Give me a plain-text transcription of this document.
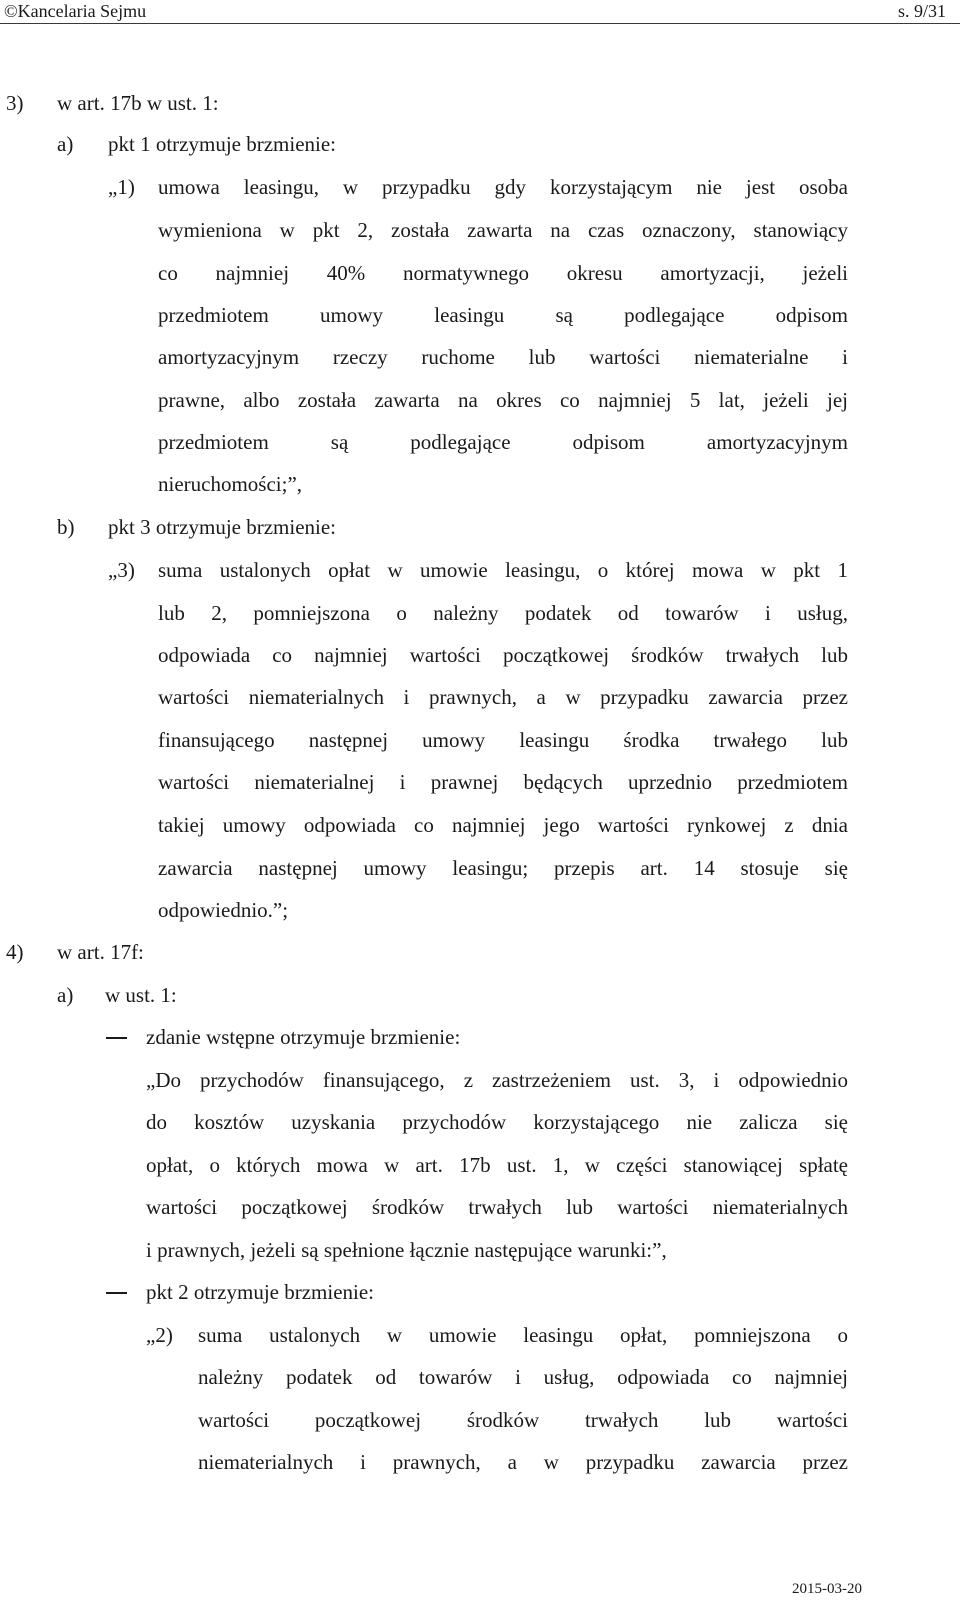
©Kancelaria Sejmu	s. 9/31
3) w art. 17b w ust. 1:
a) pkt 1 otrzymuje brzmienie:
„1) umowa leasingu, w przypadku gdy korzystającym nie jest osoba
wymieniona w pkt 2, została zawarta na czas oznaczony, stanowiący
co najmniej 40% normatywnego okresu amortyzacji, jeżeli
przedmiotem umowy leasingu są podlegające odpisom
amortyzacyjnym rzeczy ruchome lub wartości niematerialne i
prawne, albo została zawarta na okres co najmniej 5 lat, jeżeli jej
przedmiotem są podlegające odpisom amortyzacyjnym
nieruchomości;”,
b) pkt 3 otrzymuje brzmienie:
„3) suma ustalonych opłat w umowie leasingu, o której mowa w pkt 1
lub 2, pomniejszona o należny podatek od towarów i usług,
odpowiada co najmniej wartości początkowej środków trwałych lub
wartości niematerialnych i prawnych, a w przypadku zawarcia przez
finansującego następnej umowy leasingu środka trwałego lub
wartości niematerialnej i prawnej będących uprzednio przedmiotem
takiej umowy odpowiada co najmniej jego wartości rynkowej z dnia
zawarcia następnej umowy leasingu; przepis art. 14 stosuje się
odpowiednio.”;
4) w art. 17f:
a) w ust. 1:
zdanie wstępne otrzymuje brzmienie:
„Do przychodów finansującego, z zastrzeżeniem ust. 3, i odpowiednio
do kosztów uzyskania przychodów korzystającego nie zalicza się
opłat, o których mowa w art. 17b ust. 1, w części stanowiącej spłatę
wartości początkowej środków trwałych lub wartości niematerialnych
i prawnych, jeżeli są spełnione łącznie następujące warunki:”,
pkt 2 otrzymuje brzmienie:
„2) suma ustalonych w umowie leasingu opłat, pomniejszona o
należny podatek od towarów i usług, odpowiada co najmniej
wartości początkowej środków trwałych lub wartości
niematerialnych i prawnych, a w przypadku zawarcia przez
2015-03-20
